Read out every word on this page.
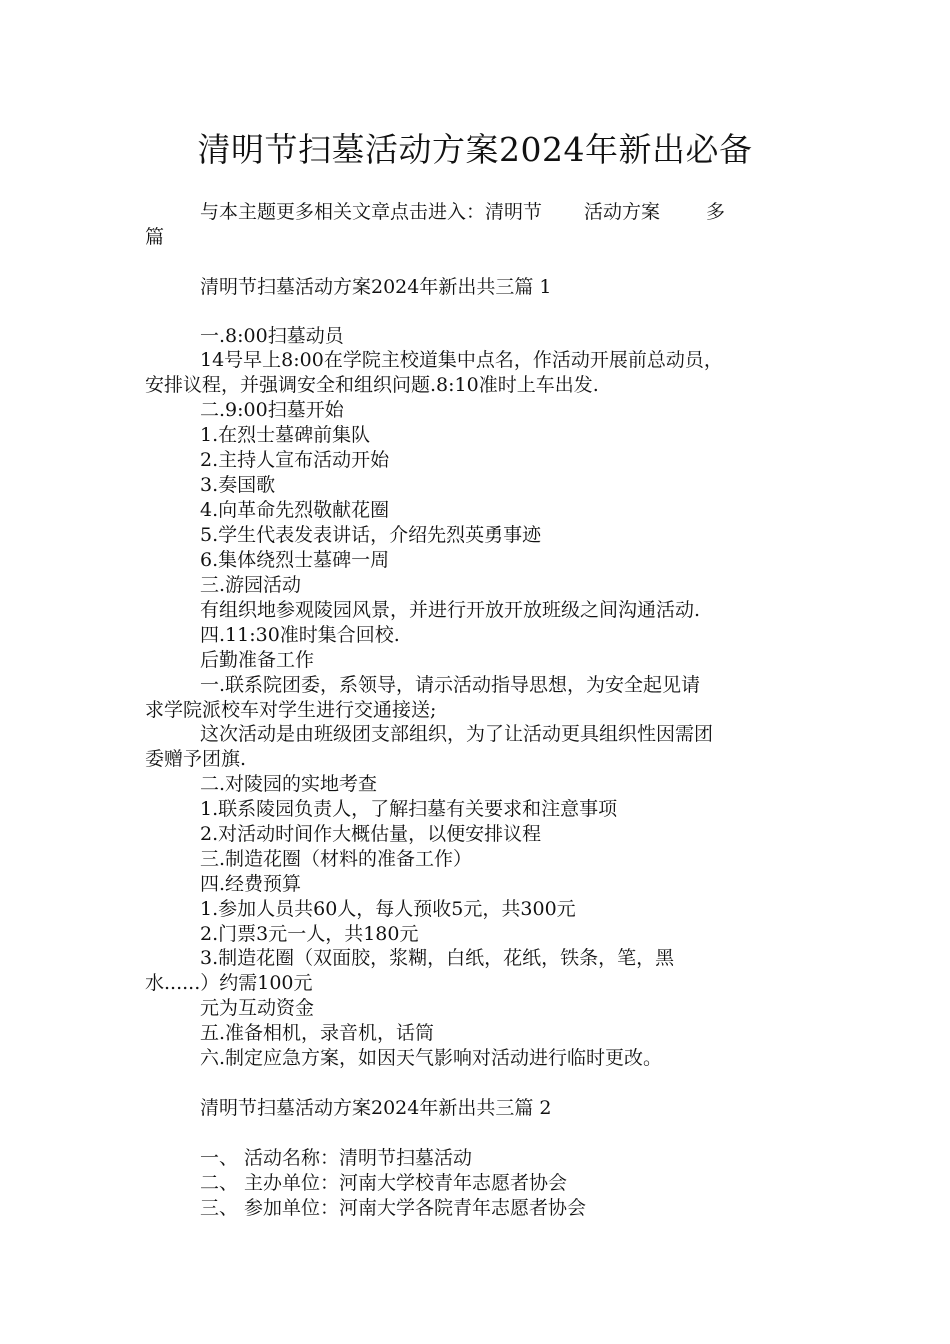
清明节扫墓活动方案2024年新出必备
与本主题更多相关文章点击进入：清明节 活动方案 多
篇
清明节扫墓活动方案2024年新出共三篇 1
一.8:00扫墓动员
14号早上8:00在学院主校道集中点名，作活动开展前总动员，
安排议程，并强调安全和组织问题.8:10准时上车出发.
二.9:00扫墓开始
1.在烈士墓碑前集队
2.主持人宣布活动开始
3.奏国歌
4.向革命先烈敬献花圈
5.学生代表发表讲话，介绍先烈英勇事迹
6.集体绕烈士墓碑一周
三.游园活动
有组织地参观陵园风景，并进行开放开放班级之间沟通活动.
四.11:30准时集合回校.
后勤准备工作
一.联系院团委，系领导，请示活动指导思想，为安全起见请
求学院派校车对学生进行交通接送;
这次活动是由班级团支部组织，为了让活动更具组织性因需团
委赠予团旗.
二.对陵园的实地考查
1.联系陵园负责人，了解扫墓有关要求和注意事项
2.对活动时间作大概估量，以便安排议程
三.制造花圈（材料的准备工作）
四.经费预算
1.参加人员共60人，每人预收5元，共300元
2.门票3元一人，共180元
3.制造花圈（双面胶，浆糊，白纸，花纸，铁条，笔，黑
水......）约需100元
元为互动资金
五.准备相机，录音机，话筒
六.制定应急方案，如因天气影响对活动进行临时更改。
清明节扫墓活动方案2024年新出共三篇 2
一、 活动名称：清明节扫墓活动
二、 主办单位：河南大学校青年志愿者协会
三、 参加单位：河南大学各院青年志愿者协会
